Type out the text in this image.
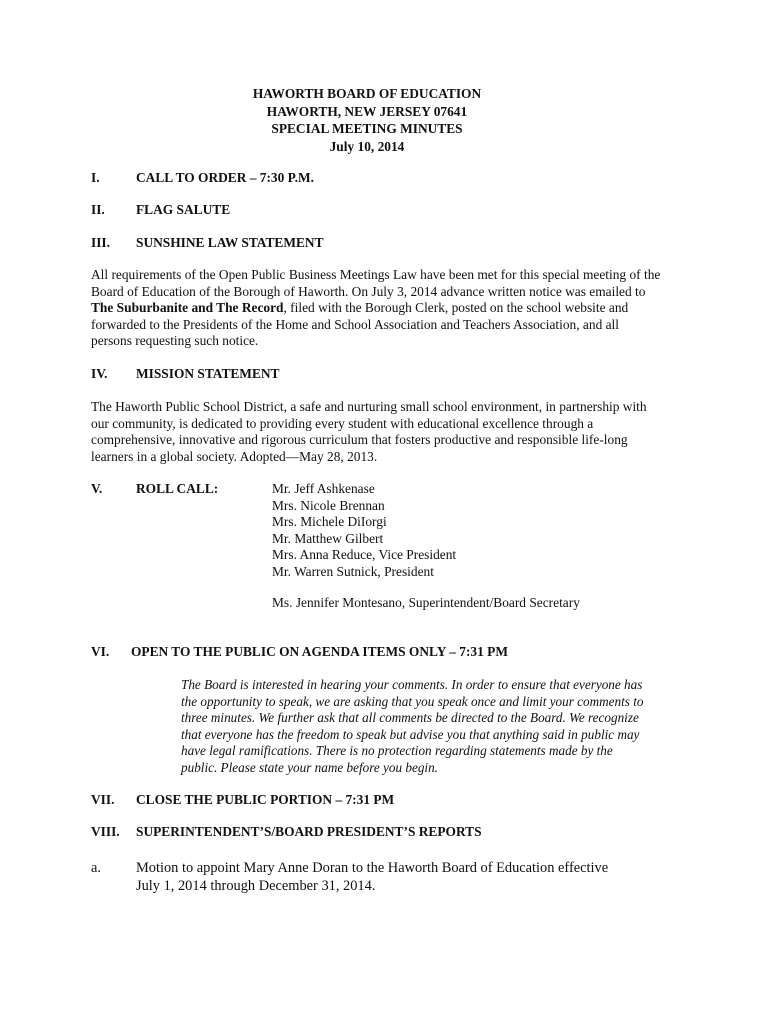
HAWORTH BOARD OF EDUCATION
HAWORTH, NEW JERSEY 07641
SPECIAL MEETING MINUTES
July 10, 2014
I.	CALL TO ORDER – 7:30 P.M.
II. FLAG SALUTE
III. SUNSHINE LAW STATEMENT
All requirements of the Open Public Business Meetings Law have been met for this special meeting of the
Board of Education of the Borough of Haworth. On July 3, 2014 advance written notice was emailed to
The Suburbanite and The Record, filed with the Borough Clerk, posted on the school website and
forwarded to the Presidents of the Home and School Association and Teachers Association, and all
persons requesting such notice.
IV. MISSION STATEMENT
The Haworth Public School District, a safe and nurturing small school environment, in partnership with
our community, is dedicated to providing every student with educational excellence through a
comprehensive, innovative and rigorous curriculum that fosters productive and responsible life-long
learners in a global society. Adopted—May 28, 2013.
V.	ROLL CALL:	Mr. Jeff Ashkenase
Mrs. Nicole Brennan
Mrs. Michele DiIorgi
Mr. Matthew Gilbert
Mrs. Anna Reduce, Vice President
Mr. Warren Sutnick, President
Ms. Jennifer Montesano, Superintendent/Board Secretary
VI. OPEN TO THE PUBLIC ON AGENDA ITEMS ONLY – 7:31 PM
The Board is interested in hearing your comments. In order to ensure that everyone has
the opportunity to speak, we are asking that you speak once and limit your comments to
three minutes. We further ask that all comments be directed to the Board. We recognize
that everyone has the freedom to speak but advise you that anything said in public may
have legal ramifications. There is no protection regarding statements made by the
public. Please state your name before you begin.
VII. CLOSE THE PUBLIC PORTION – 7:31 PM
VIII. SUPERINTENDENT’S/BOARD PRESIDENT’S REPORTS
a. Motion to appoint Mary Anne Doran to the Haworth Board of Education effective
July 1, 2014 through December 31, 2014.
